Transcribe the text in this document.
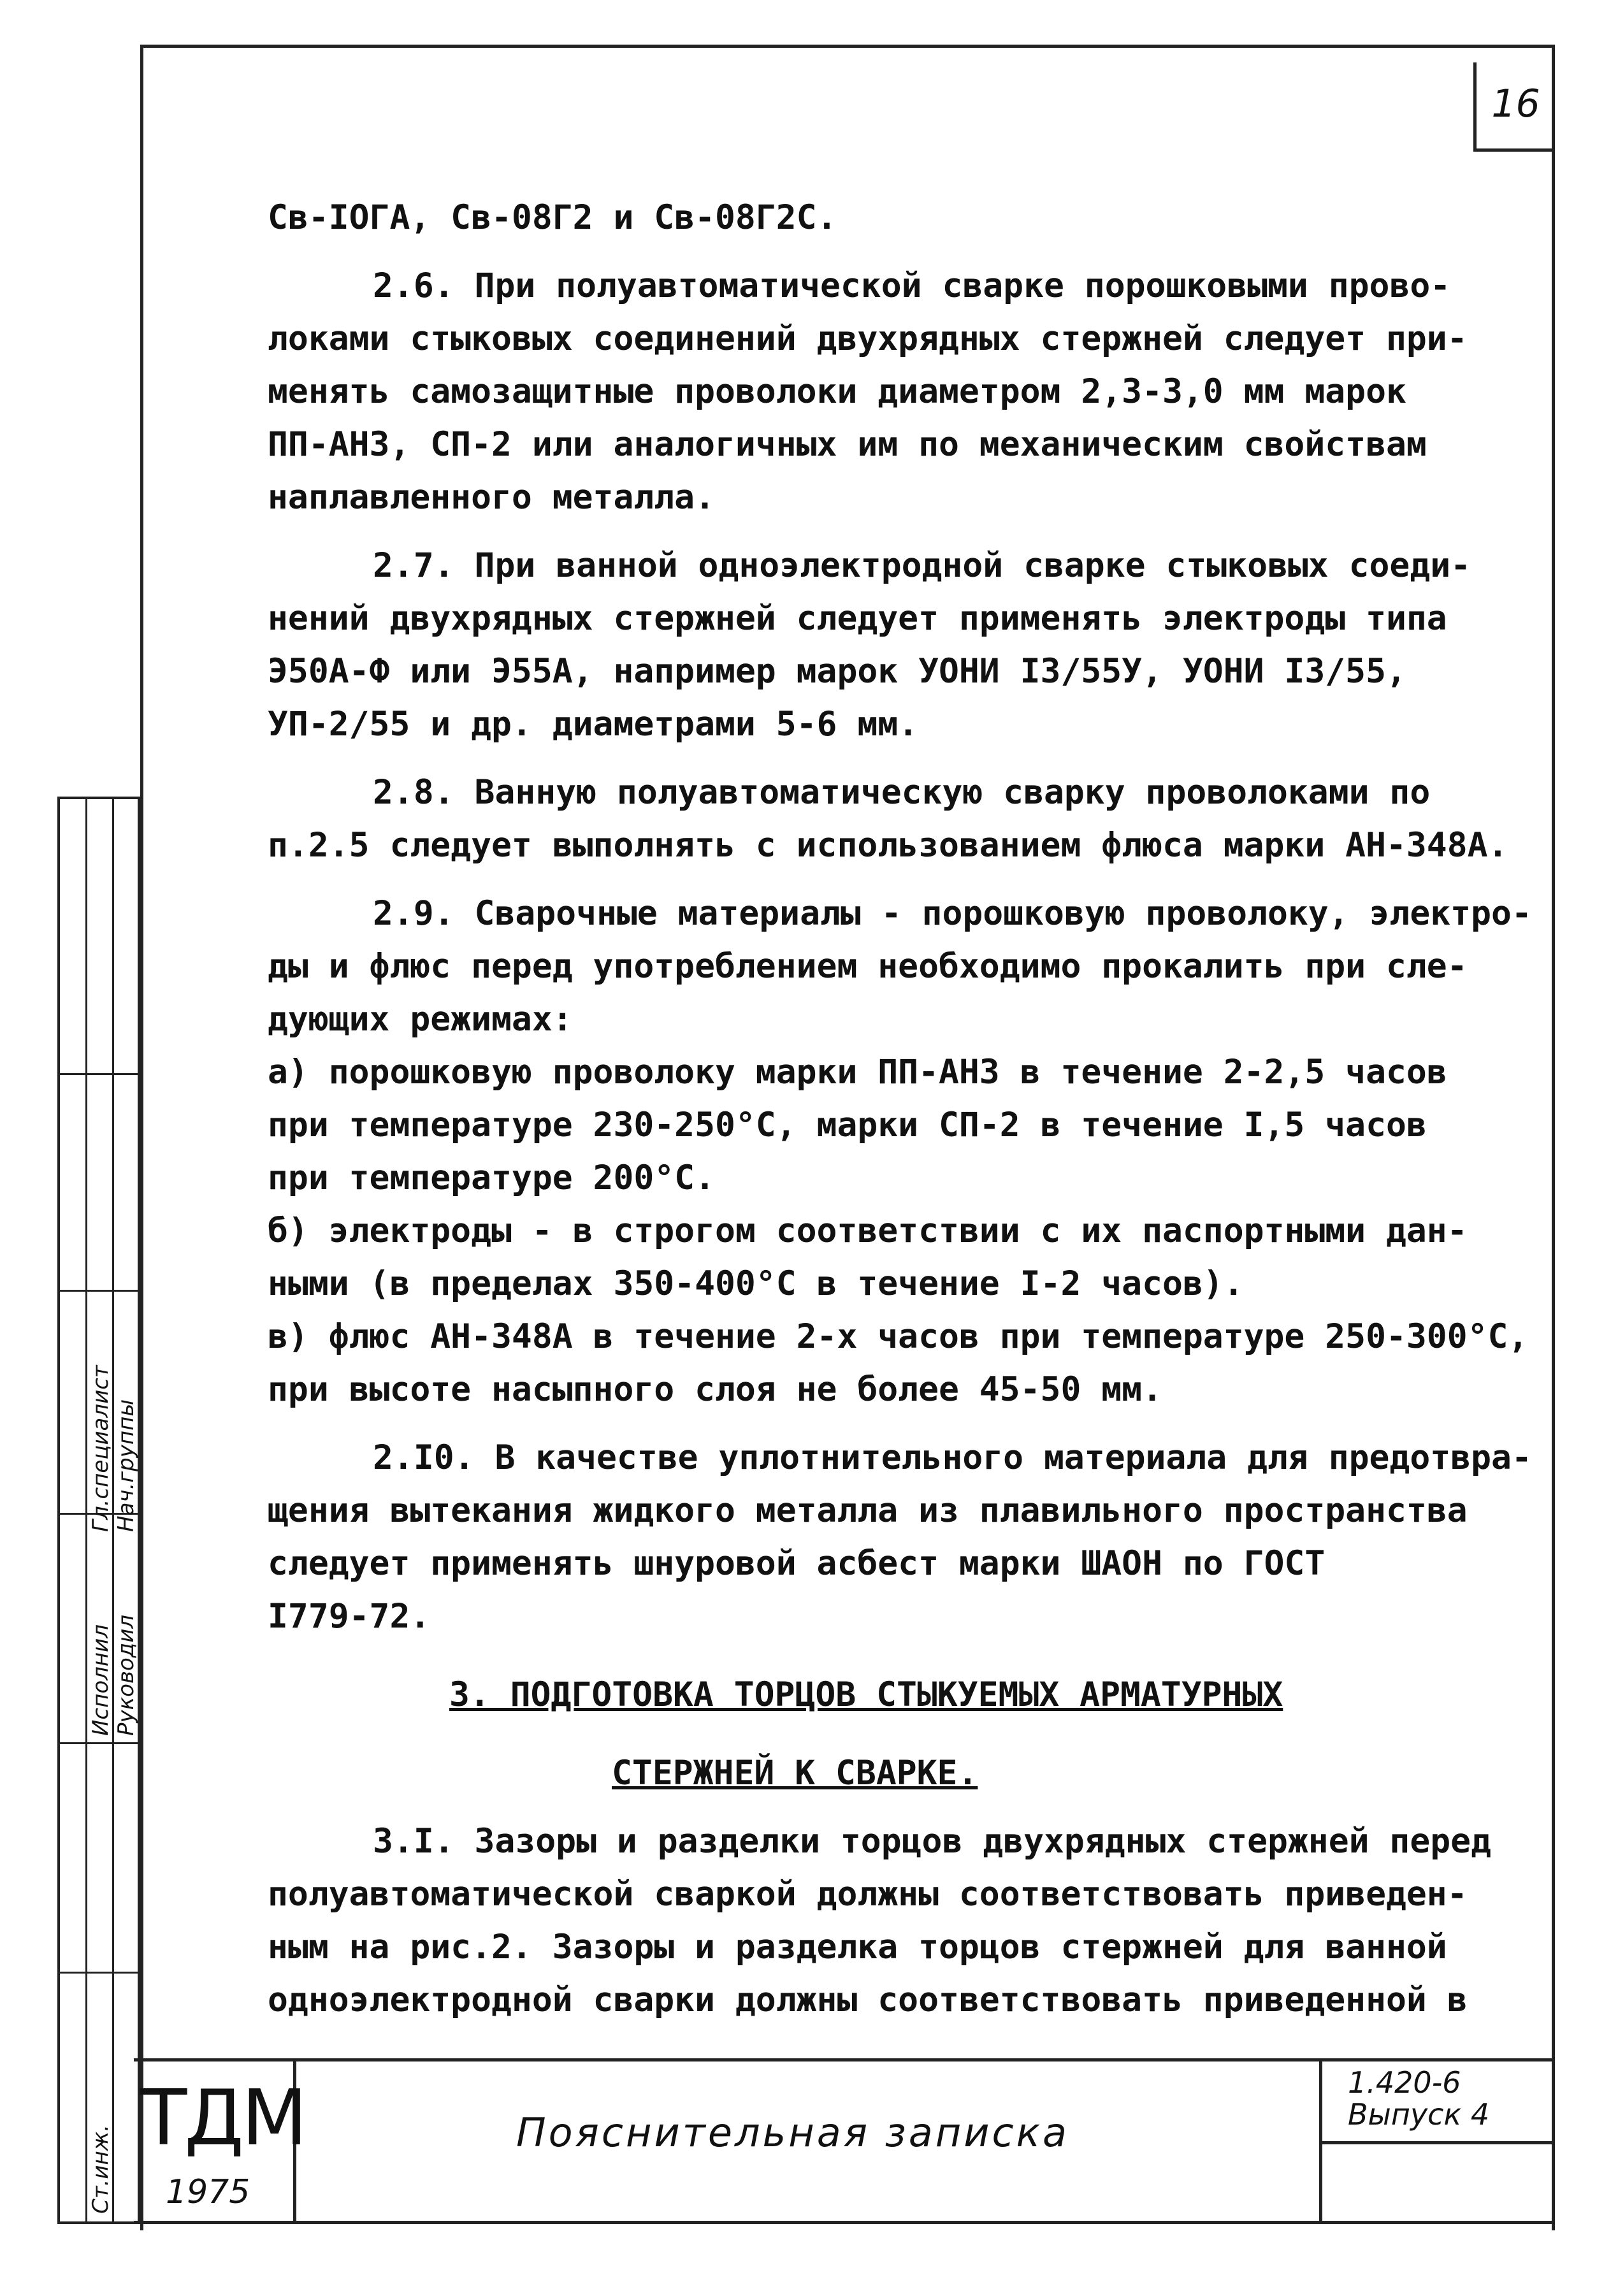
16
Св-IОГА, Св-08Г2 и Св-08Г2С.
2.6. При полуавтоматической сварке порошковыми прово-
локами стыковых соединений двухрядных стержней следует при-
менять самозащитные проволоки диаметром 2,3-3,0 мм марок
ПП-АН3, СП-2 или аналогичных им по механическим свойствам
наплавленного металла.
2.7. При ванной одноэлектродной сварке стыковых соеди-
нений двухрядных стержней следует применять электроды типа
Э50А-Ф или Э55А, например марок УОНИ I3/55У, УОНИ I3/55,
УП-2/55 и др. диаметрами 5-6 мм.
2.8. Ванную полуавтоматическую сварку проволоками по
п.2.5 следует выполнять с использованием флюса марки АН-348А.
2.9. Сварочные материалы - порошковую проволоку, электро-
ды и флюс перед употреблением необходимо прокалить при сле-
дующих режимах:
а) порошковую проволоку марки ПП-АН3 в течение 2-2,5 часов
при температуре 230-250°С, марки СП-2 в течение I,5 часов
при температуре 200°С.
б) электроды - в строгом соответствии с их паспортными дан-
ными (в пределах 350-400°С в течение I-2 часов).
в) флюс АН-348А в течение 2-х часов при температуре 250-300°С,
при высоте насыпного слоя не более 45-50 мм.
2.I0. В качестве уплотнительного материала для предотвра-
щения вытекания жидкого металла из плавильного пространства
следует применять шнуровой асбест марки ШАОН по ГОСТ
I779-72.
3. ПОДГОТОВКА ТОРЦОВ СТЫКУЕМЫХ АРМАТУРНЫХ
СТЕРЖНЕЙ К СВАРКЕ.
3.I. Зазоры и разделки торцов двухрядных стержней перед
полуавтоматической сваркой должны соответствовать приведен-
ным на рис.2. Зазоры и разделка торцов стержней для ванной
одноэлектродной сварки должны соответствовать приведенной в
Нач.группы
Гл.специалист
Ст.инж.
Исполнил Руководил
ТДМ
1975
Пояснительная записка
1.420-6
Выпуск 4
